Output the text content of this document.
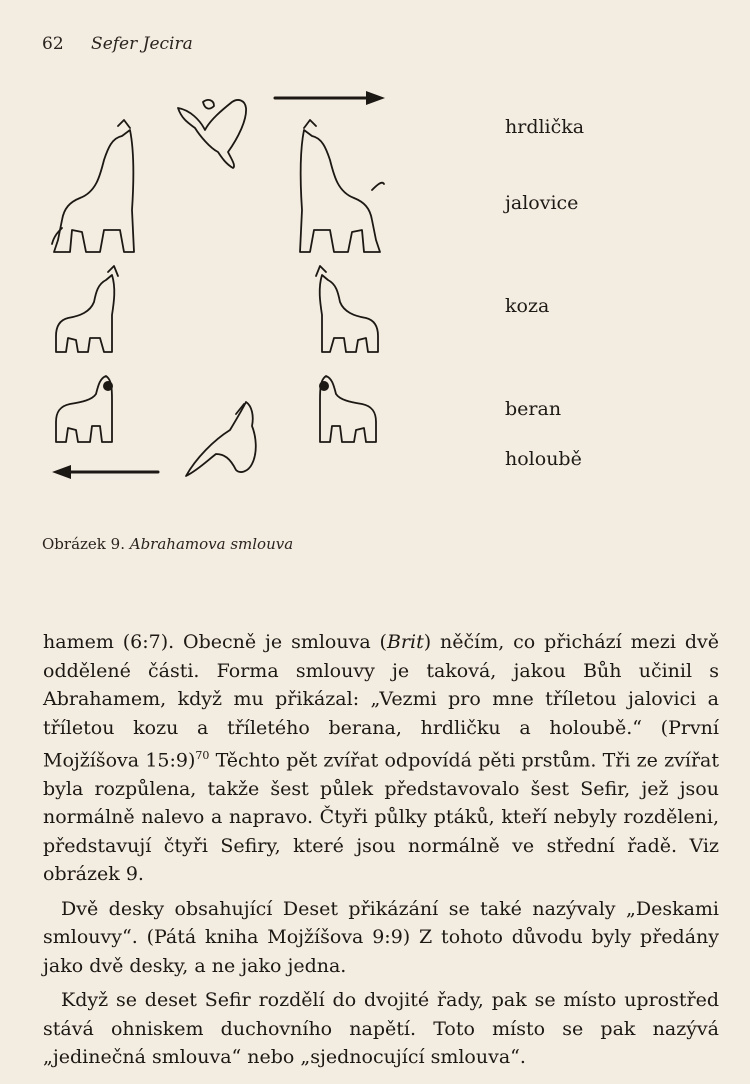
62 Sefer Jecira
hrdlička
jalovice
koza
beran
holoubě
Obrázek 9. Abrahamova smlouva

hamem (6:7). Obecně je smlouva (Brit) něčím, co přichází mezi dvě oddělené části. Forma smlouvy je taková, jakou Bůh učinil s Abrahamem, když mu přikázal: „Vezmi pro mne tříletou jalovici a tříletou kozu a tříletého berana, hrdličku a holoubě.“ (První Mojžíšova 15:9)$^{70}$ Těchto pět zvířat odpovídá pěti prstům. Tři ze zvířat byla rozpůlena, takže šest půlek představovalo šest Sefir, jež jsou normálně nalevo a napravo. Čtyři půlky ptáků, kteří nebyly rozděleni, představují čtyři Sefiry, které jsou normálně ve střední řadě. Viz obrázek 9.

Dvě desky obsahující Deset přikázání se také nazývaly „Deskami smlouvy“. (Pátá kniha Mojžíšova 9:9) Z tohoto důvodu byly předány jako dvě desky, a ne jako jedna.

Když se deset Sefir rozdělí do dvojité řady, pak se místo uprostřed stává ohniskem duchovního napětí. Toto místo se pak nazývá „jedinečná smlouva“ nebo „sjednocující smlouva“.
